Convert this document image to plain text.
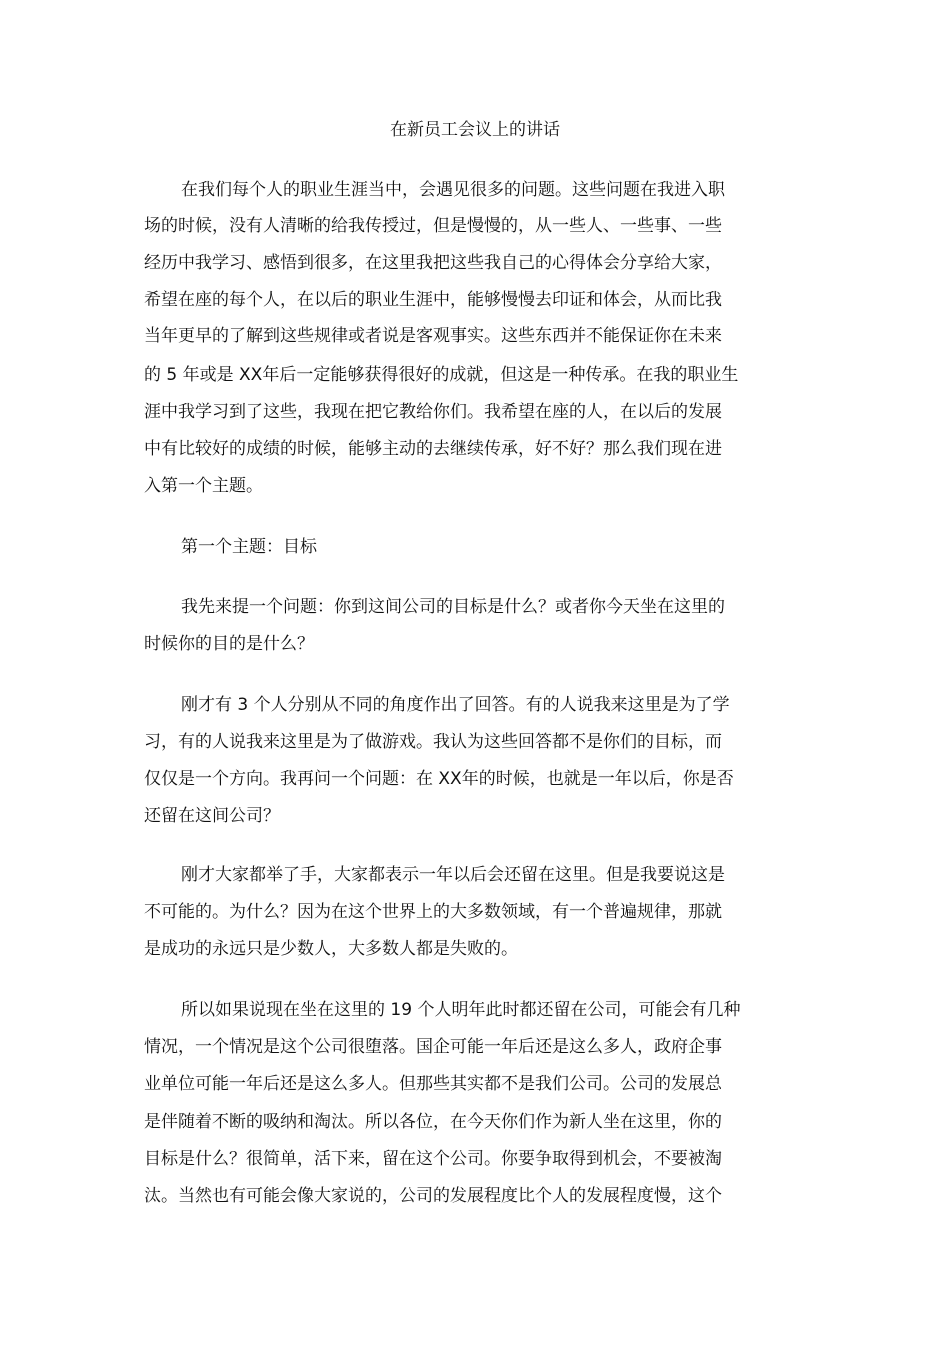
在新员工会议上的讲话
在我们每个人的职业生涯当中，会遇见很多的问题。这些问题在我进入职
场的时候，没有人清晰的给我传授过，但是慢慢的，从一些人、一些事、一些
经历中我学习、感悟到很多，在这里我把这些我自己的心得体会分享给大家，
希望在座的每个人，在以后的职业生涯中，能够慢慢去印证和体会，从而比我
当年更早的了解到这些规律或者说是客观事实。这些东西并不能保证你在未来
的 5 年或是 XX年后一定能够获得很好的成就，但这是一种传承。在我的职业生
涯中我学习到了这些，我现在把它教给你们。我希望在座的人，在以后的发展
中有比较好的成绩的时候，能够主动的去继续传承，好不好？那么我们现在进
入第一个主题。
第一个主题：目标
我先来提一个问题：你到这间公司的目标是什么？或者你今天坐在这里的
时候你的目的是什么？
刚才有 3 个人分别从不同的角度作出了回答。有的人说我来这里是为了学
习，有的人说我来这里是为了做游戏。我认为这些回答都不是你们的目标，而
仅仅是一个方向。我再问一个问题：在 XX年的时候，也就是一年以后，你是否
还留在这间公司？
刚才大家都举了手，大家都表示一年以后会还留在这里。但是我要说这是
不可能的。为什么？因为在这个世界上的大多数领域，有一个普遍规律，那就
是成功的永远只是少数人，大多数人都是失败的。
所以如果说现在坐在这里的 19 个人明年此时都还留在公司，可能会有几种
情况，一个情况是这个公司很堕落。国企可能一年后还是这么多人，政府企事
业单位可能一年后还是这么多人。但那些其实都不是我们公司。公司的发展总
是伴随着不断的吸纳和淘汰。所以各位，在今天你们作为新人坐在这里，你的
目标是什么？很简单，活下来，留在这个公司。你要争取得到机会，不要被淘
汰。当然也有可能会像大家说的，公司的发展程度比个人的发展程度慢，这个
